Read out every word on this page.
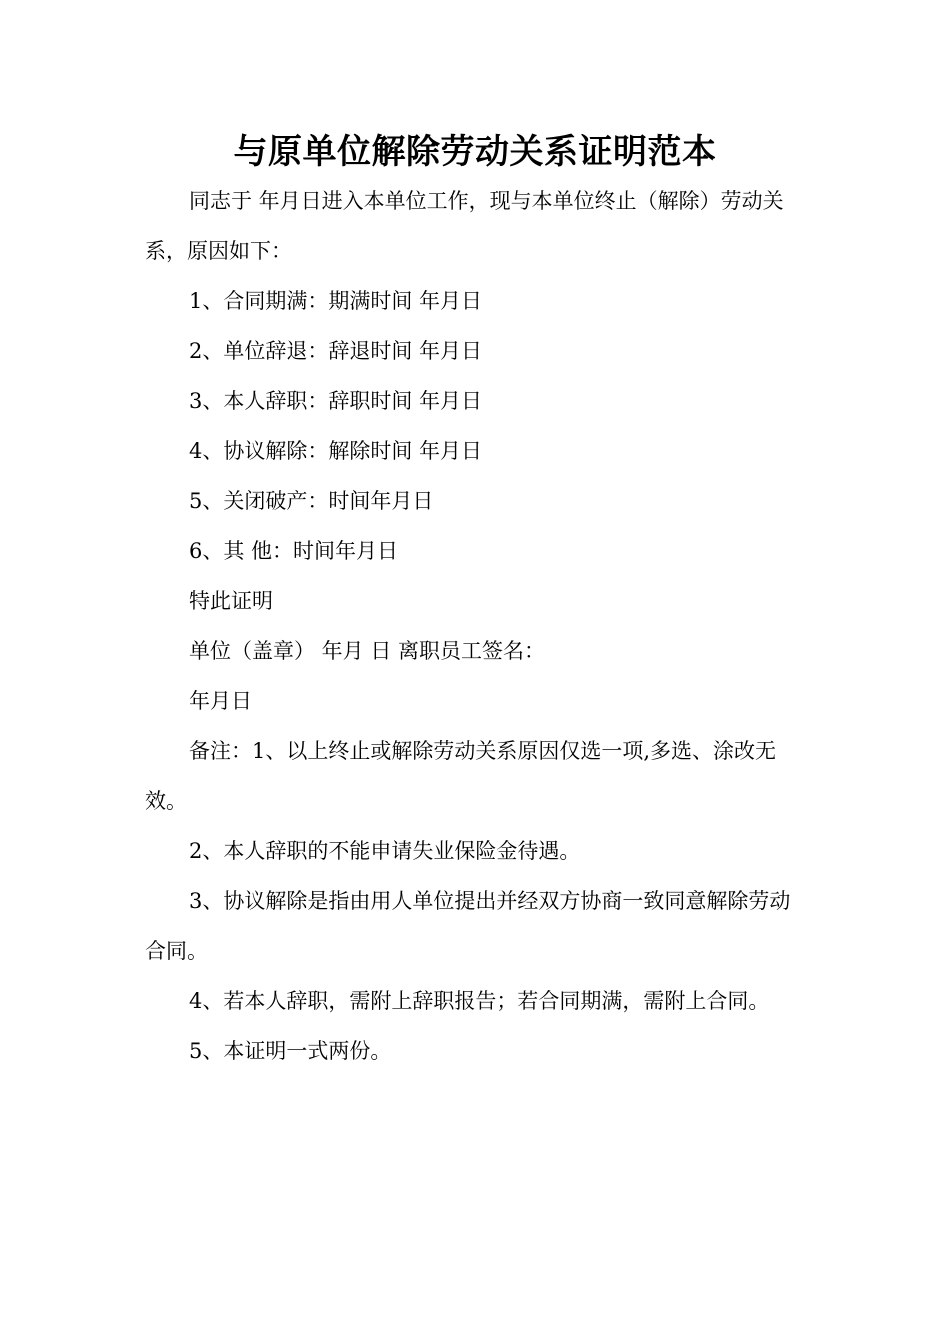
与原单位解除劳动关系证明范本

同志于 年月日进入本单位工作，现与本单位终止（解除）劳动关系，原因如下：

1、合同期满：期满时间 年月日

2、单位辞退：辞退时间 年月日

3、本人辞职：辞职时间 年月日

4、协议解除：解除时间 年月日

5、关闭破产：时间年月日

6、其 他：时间年月日

特此证明

单位（盖章） 年月 日 离职员工签名：

年月日

备注：1、以上终止或解除劳动关系原因仅选一项,多选、涂改无效。

2、本人辞职的不能申请失业保险金待遇。

3、协议解除是指由用人单位提出并经双方协商一致同意解除劳动合同。

4、若本人辞职，需附上辞职报告；若合同期满，需附上合同。

5、本证明一式两份。
